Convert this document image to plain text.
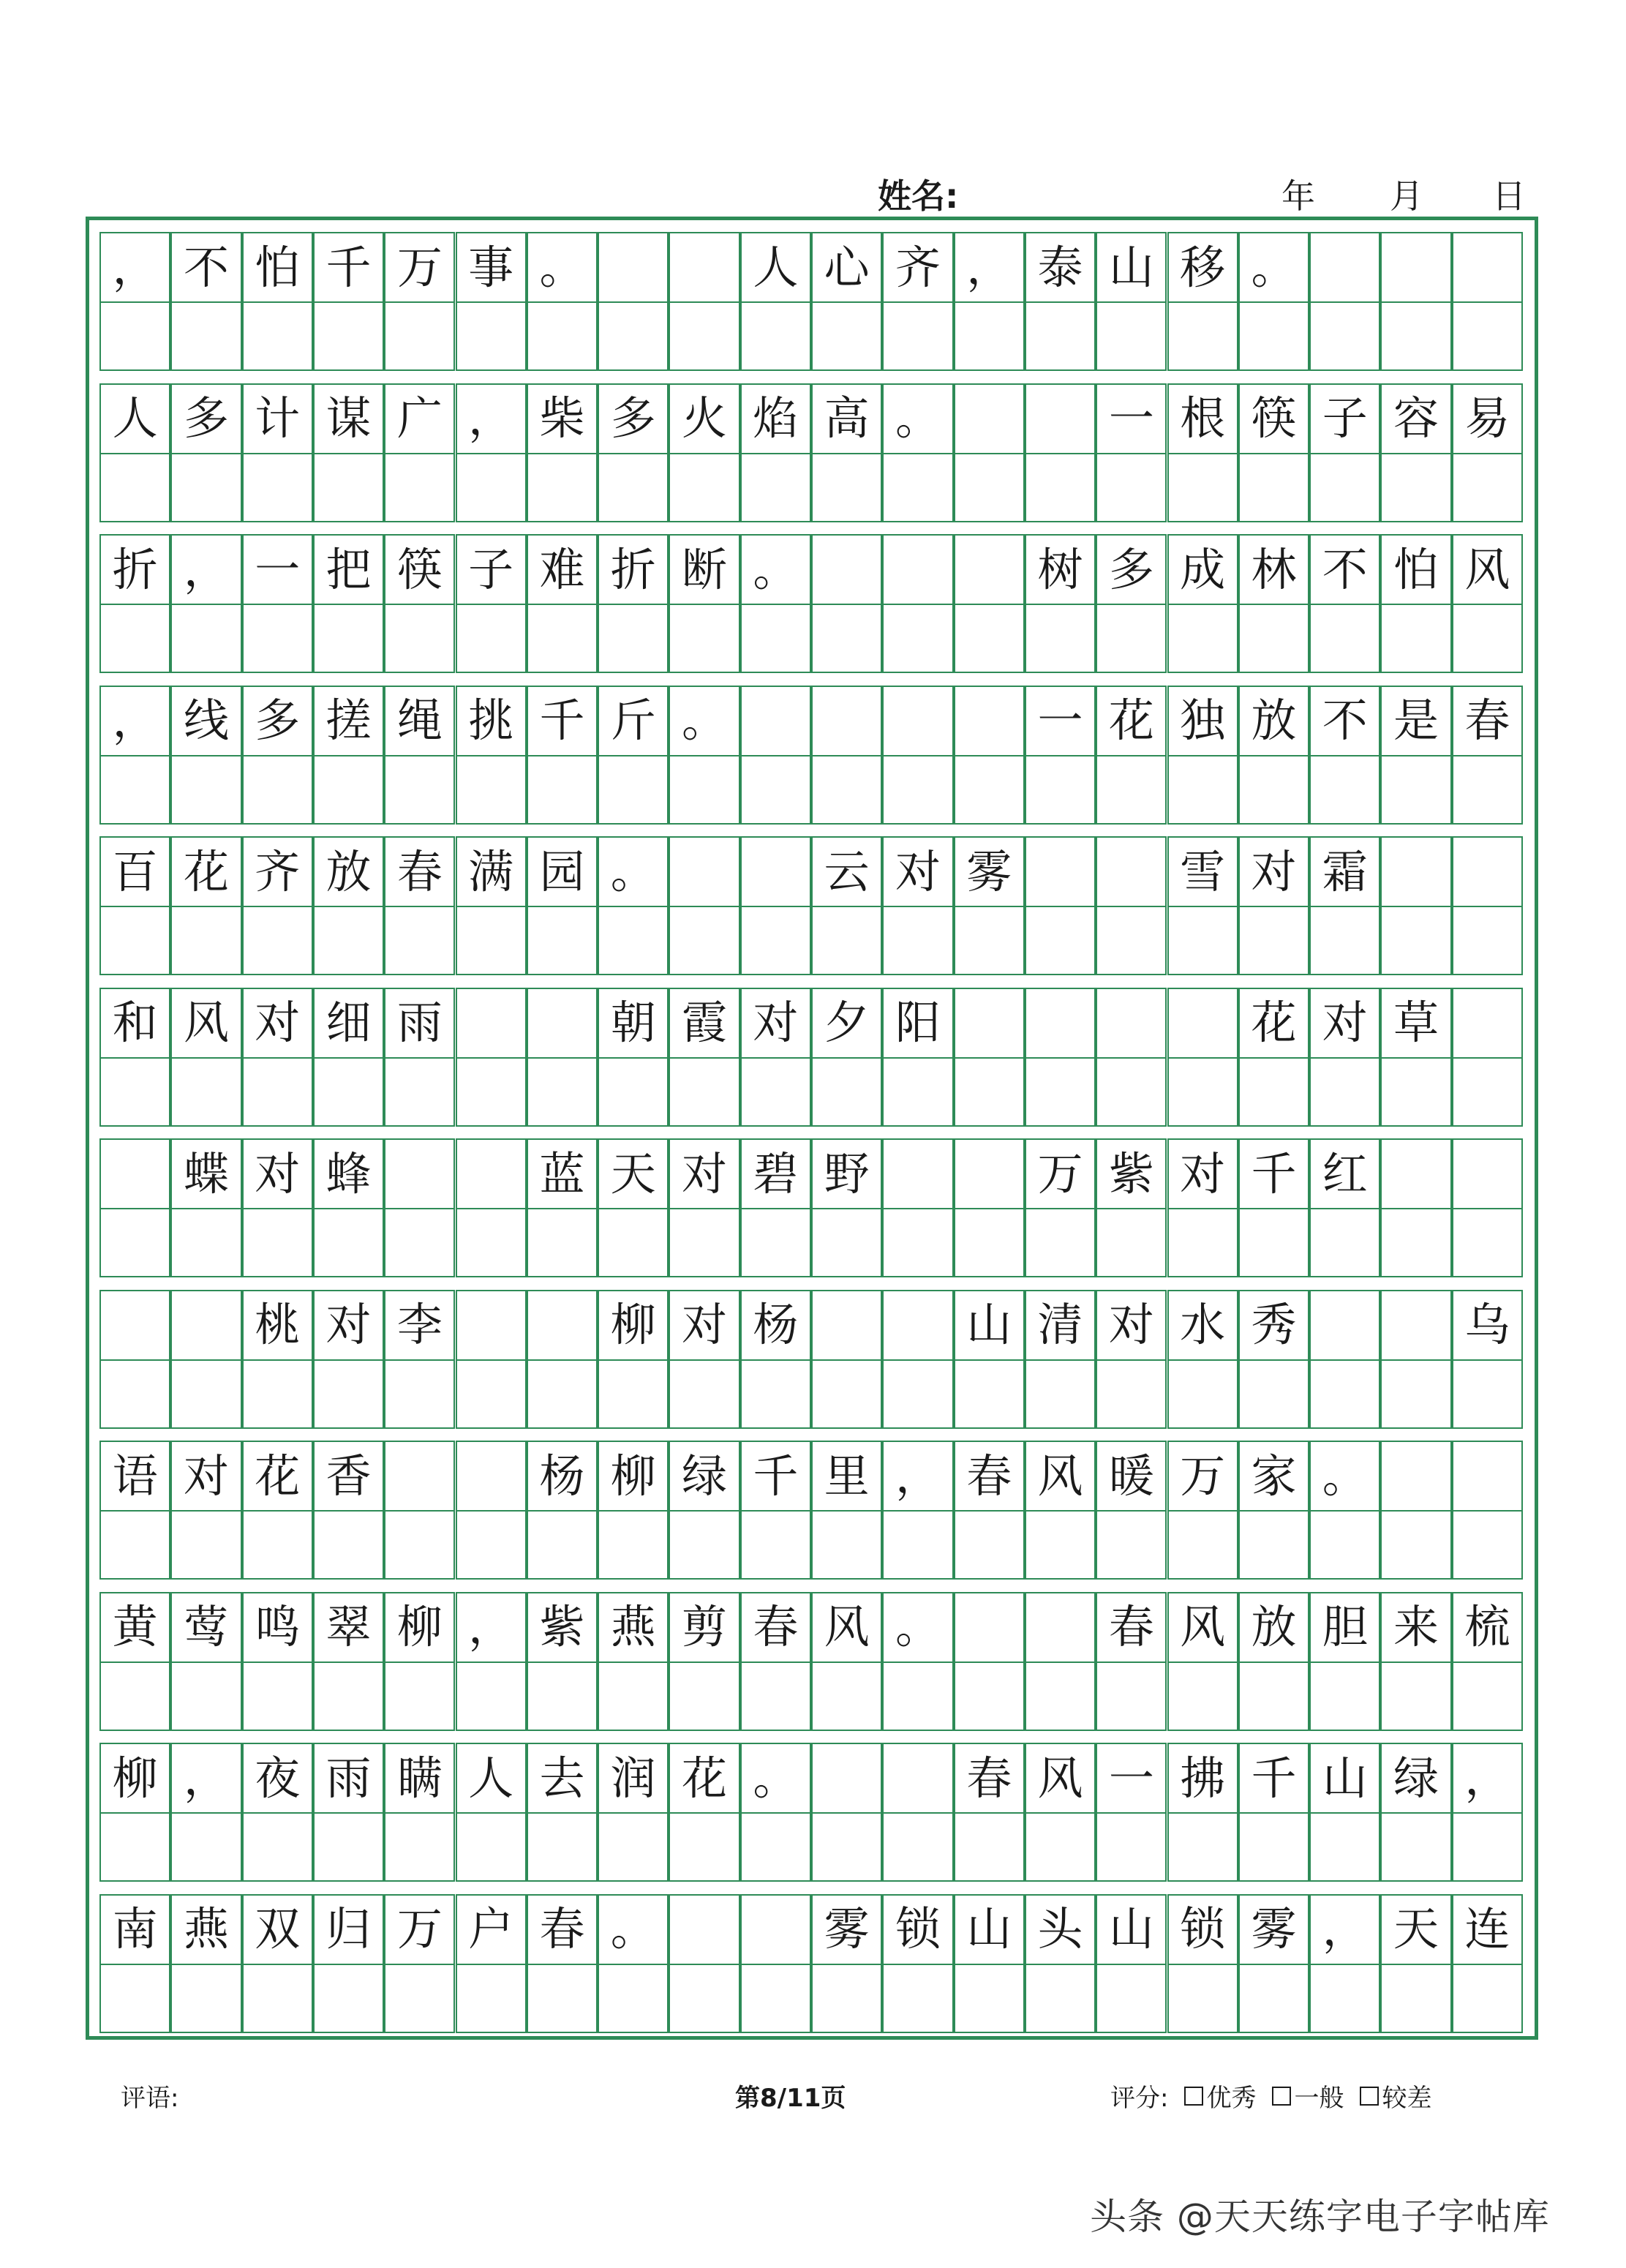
姓名:	年 月 日
， 不 怕 千 万 事 。	人 心 齐 ， 泰 山 移 。
人 多 计 谋 广 ， 柴 多 火 焰 高 。	一 根 筷 子 容 易
折 ， 一 把 筷 子 难 折 断 。	树 多 成 林 不 怕 风
， 线 多 搓 绳 挑 千 斤 。	一 花 独 放 不 是 春
百 花 齐 放 春 满 园 。	云 对 雾	雪 对 霜
和 风 对 细 雨	朝 霞 对 夕 阳	花 对 草
蝶 对 蜂	蓝 天 对 碧 野	万 紫 对 千 红
桃 对 李	柳 对 杨	山 清 对 水 秀	乌
语 对 花 香	杨 柳 绿 千 里 ， 春 风 暖 万 家 。
黄 莺 鸣 翠 柳 ， 紫 燕 剪 春 风 。	春 风 放 胆 来 梳
柳 ， 夜 雨 瞒 人 去 润 花 。	春 风 一 拂 千 山 绿 ，
南 燕 双 归 万 户 春 。	雾 锁 山 头 山 锁 雾 ， 天 连
评语:	第8/11页	评分: 优秀 一般 较差
头条 @天天练字电子字帖库
